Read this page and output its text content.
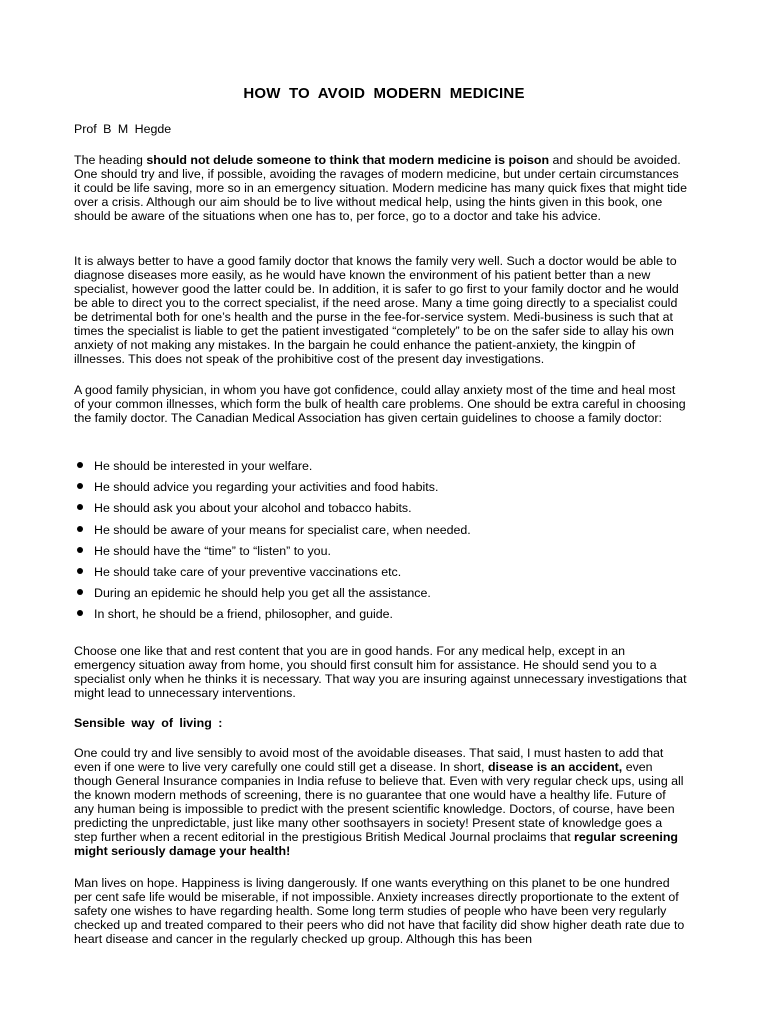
HOW TO AVOID MODERN MEDICINE
Prof B M Hegde

The heading should not delude someone to think that modern medicine is poison and should be avoided. One should try and live, if possible, avoiding the ravages of modern medicine, but under certain circumstances it could be life saving, more so in an emergency situation. Modern medicine has many quick fixes that might tide over a crisis. Although our aim should be to live without medical help, using the hints given in this book, one should be aware of the situations when one has to, per force, go to a doctor and take his advice.

It is always better to have a good family doctor that knows the family very well. Such a doctor would be able to diagnose diseases more easily, as he would have known the environment of his patient better than a new specialist, however good the latter could be. In addition, it is safer to go first to your family doctor and he would be able to direct you to the correct specialist, if the need arose. Many a time going directly to a specialist could be detrimental both for one’s health and the purse in the fee-for-service system. Medi-business is such that at times the specialist is liable to get the patient investigated “completely” to be on the safer side to allay his own anxiety of not making any mistakes. In the bargain he could enhance the patient-anxiety, the kingpin of illnesses. This does not speak of the prohibitive cost of the present day investigations.

A good family physician, in whom you have got confidence, could allay anxiety most of the time and heal most of your common illnesses, which form the bulk of health care problems. One should be extra careful in choosing the family doctor. The Canadian Medical Association has given certain guidelines to choose a family doctor:

He should be interested in your welfare.
He should advice you regarding your activities and food habits.
He should ask you about your alcohol and tobacco habits.
He should be aware of your means for specialist care, when needed.
He should have the “time” to “listen” to you.
He should take care of your preventive vaccinations etc.
During an epidemic he should help you get all the assistance.
In short, he should be a friend, philosopher, and guide.

Choose one like that and rest content that you are in good hands. For any medical help, except in an emergency situation away from home, you should first consult him for assistance. He should send you to a specialist only when he thinks it is necessary. That way you are insuring against unnecessary investigations that might lead to unnecessary interventions.

Sensible way of living :

One could try and live sensibly to avoid most of the avoidable diseases. That said, I must hasten to add that even if one were to live very carefully one could still get a disease. In short, disease is an accident, even though General Insurance companies in India refuse to believe that. Even with very regular check ups, using all the known modern methods of screening, there is no guarantee that one would have a healthy life. Future of any human being is impossible to predict with the present scientific knowledge. Doctors, of course, have been predicting the unpredictable, just like many other soothsayers in society! Present state of knowledge goes a step further when a recent editorial in the prestigious British Medical Journal proclaims that regular screening might seriously damage your health!

Man lives on hope. Happiness is living dangerously. If one wants everything on this planet to be one hundred per cent safe life would be miserable, if not impossible. Anxiety increases directly proportionate to the extent of safety one wishes to have regarding health. Some long term studies of people who have been very regularly checked up and treated compared to their peers who did not have that facility did show higher death rate due to heart disease and cancer in the regularly checked up group. Although this has been
